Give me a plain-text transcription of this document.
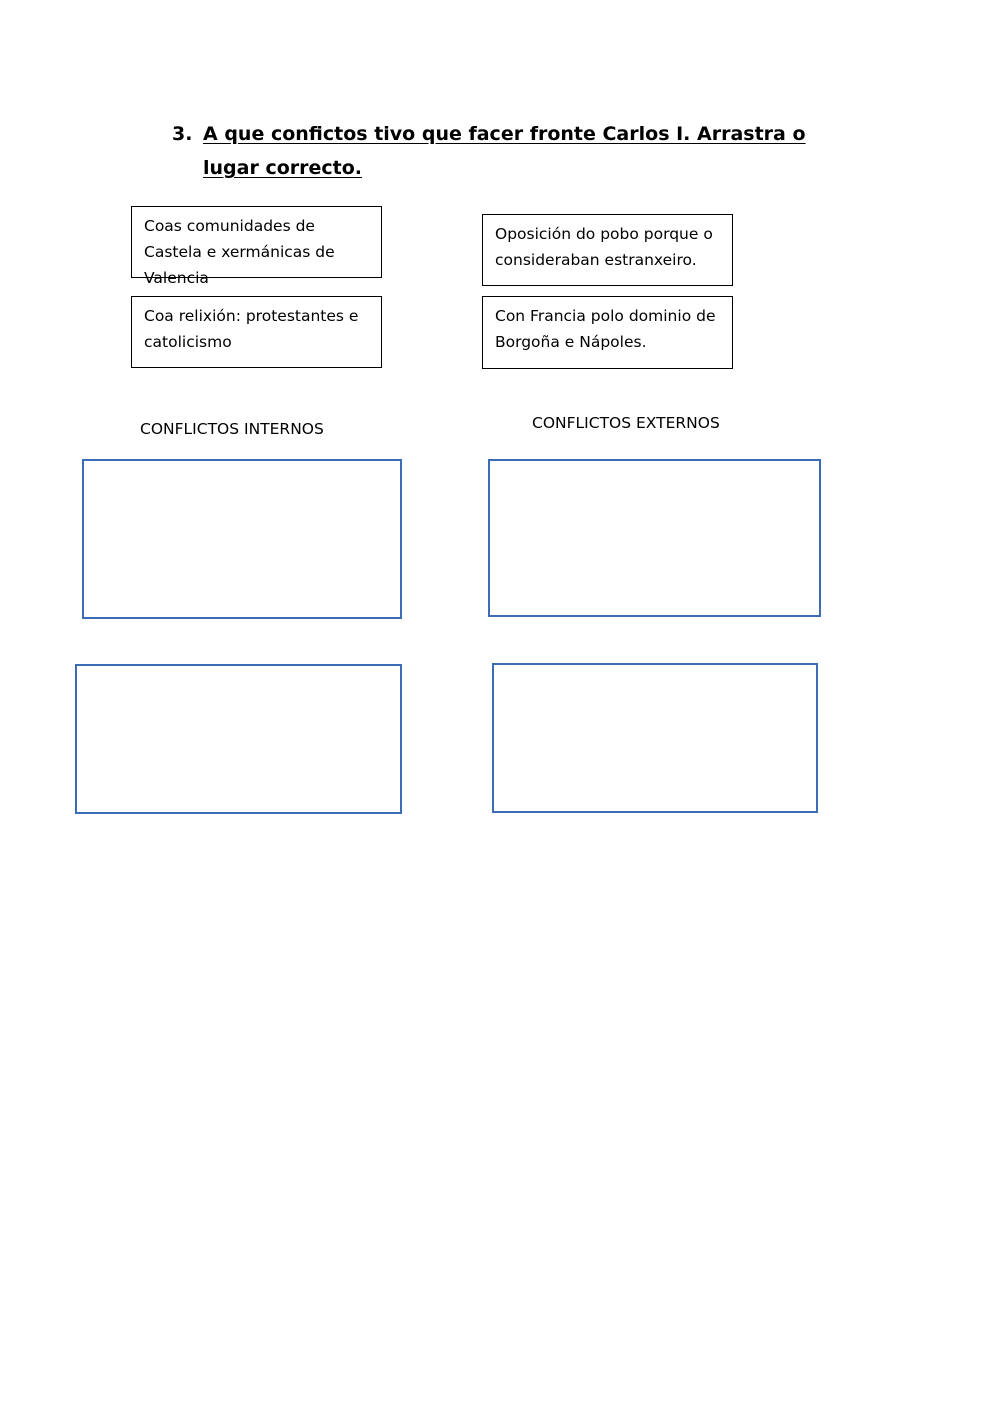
3. A que confictos tivo que facer fronte Carlos I. Arrastra o lugar correcto.
Coas comunidades de Castela e xermánicas de Valencia
Oposición do pobo porque o consideraban estranxeiro.
Coa relixión: protestantes e catolicismo
Con Francia polo dominio de Borgoña e Nápoles.
CONFLICTOS INTERNOS	CONFLICTOS EXTERNOS
